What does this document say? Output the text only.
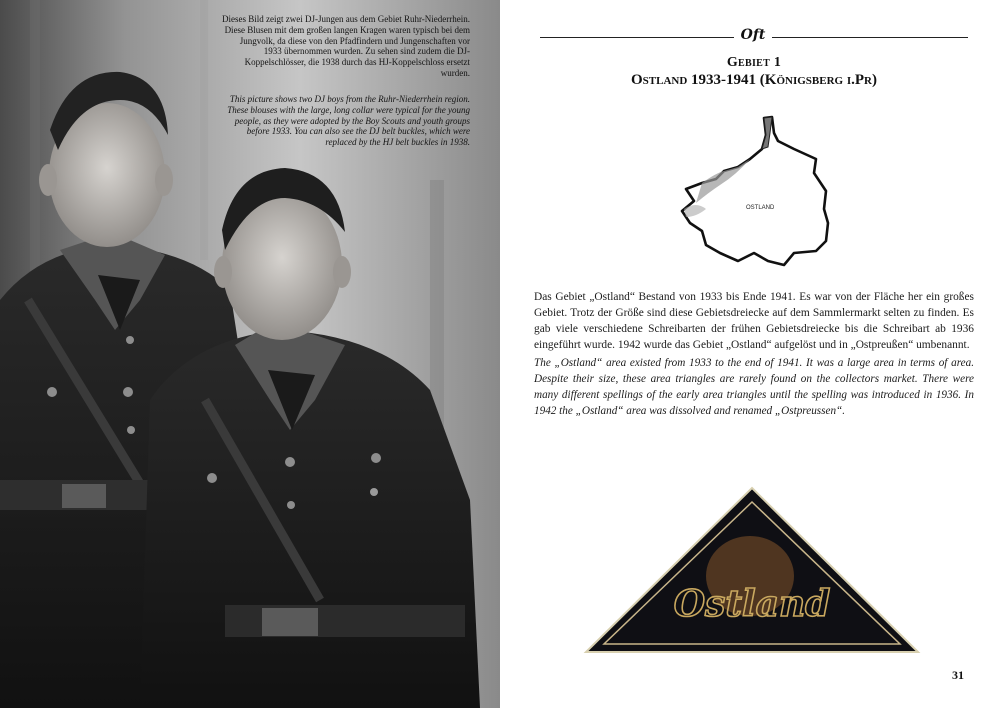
Dieses Bild zeigt zwei DJ-Jungen aus dem Gebiet Ruhr-Niederrhein. Diese Blusen mit dem großen langen Kragen waren typisch bei dem Jungvolk, da diese von den Pfadfindern und Jungenschaften vor 1933 übernommen wurden. Zu sehen sind zudem die DJ-Koppelschlösser, die 1938 durch das HJ-Koppelschloss ersetzt wurden.
This picture shows two DJ boys from the Ruhr-Niederrhein region. These blouses with the large, long collar were typical for the young people, as they were adopted by the Boy Scouts and youth groups before 1933. You can also see the DJ belt buckles, which were replaced by the HJ belt buckles in 1938.
Oft
Gebiet 1
Ostland 1933-1941 (Königsberg i.Pr)
OSTLAND
Das Gebiet „Ostland“ Bestand von 1933 bis Ende 1941. Es war von der Fläche her ein großes Gebiet. Trotz der Größe sind diese Gebietsdreiecke auf dem Sammlermarkt selten zu finden. Es gab viele verschiedene Schreibarten der frühen Gebietsdreiecke bis die Schreibart ab 1936 eingeführt wurde. 1942 wurde das Gebiet „Ostland“ aufgelöst und in „Ostpreußen“ umbenannt.
The „Ostland“ area existed from 1933 to the end of 1941. It was a large area in terms of area. Despite their size, these area triangles are rarely found on the collectors market. There were many different spellings of the early area triangles until the spelling was introduced in 1936. In 1942 the „Ostland“ area was dissolved and renamed „Ostpreussen“.
Ostland
31
